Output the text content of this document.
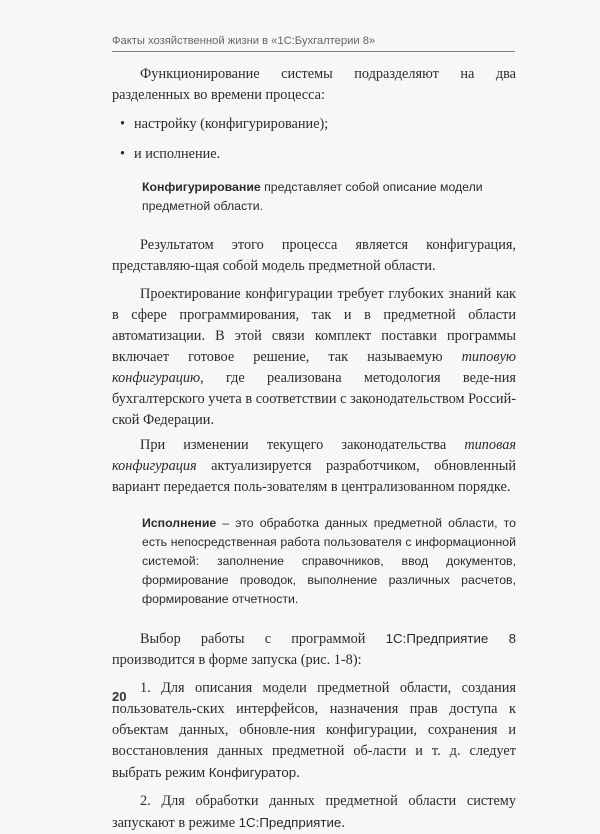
Факты хозяйственной жизни в «1С:Бухгалтерии 8»

Функционирование системы подразделяют на два разделенных во времени процесса:

• настройку (конфигурирование);
• и исполнение.

Конфигурирование представляет собой описание модели предметной области.

Результатом этого процесса является конфигурация, представляю-щая собой модель предметной области.

Проектирование конфигурации требует глубоких знаний как в сфере программирования, так и в предметной области автоматизации. В этой связи комплект поставки программы включает готовое решение, так называемую типовую конфигурацию, где реализована методология веде-ния бухгалтерского учета в соответствии с законодательством Россий-ской Федерации.

При изменении текущего законодательства типовая конфигурация актуализируется разработчиком, обновленный вариант передается поль-зователям в централизованном порядке.

Исполнение – это обработка данных предметной области, то есть непосредственная работа пользователя с информационной системой: заполнение справочников, ввод документов, формирование проводок, выполнение различных расчетов, формирование отчетности.

Выбор работы с программой 1С:Предприятие 8 производится в форме запуска (рис. 1-8):

1. Для описания модели предметной области, создания пользователь-ских интерфейсов, назначения прав доступа к объектам данных, обновле-ния конфигурации, сохранения и восстановления данных предметной об-ласти и т. д. следует выбрать режим Конфигуратор.

2. Для обработки данных предметной области систему запускают в режиме 1С:Предприятие.

20
